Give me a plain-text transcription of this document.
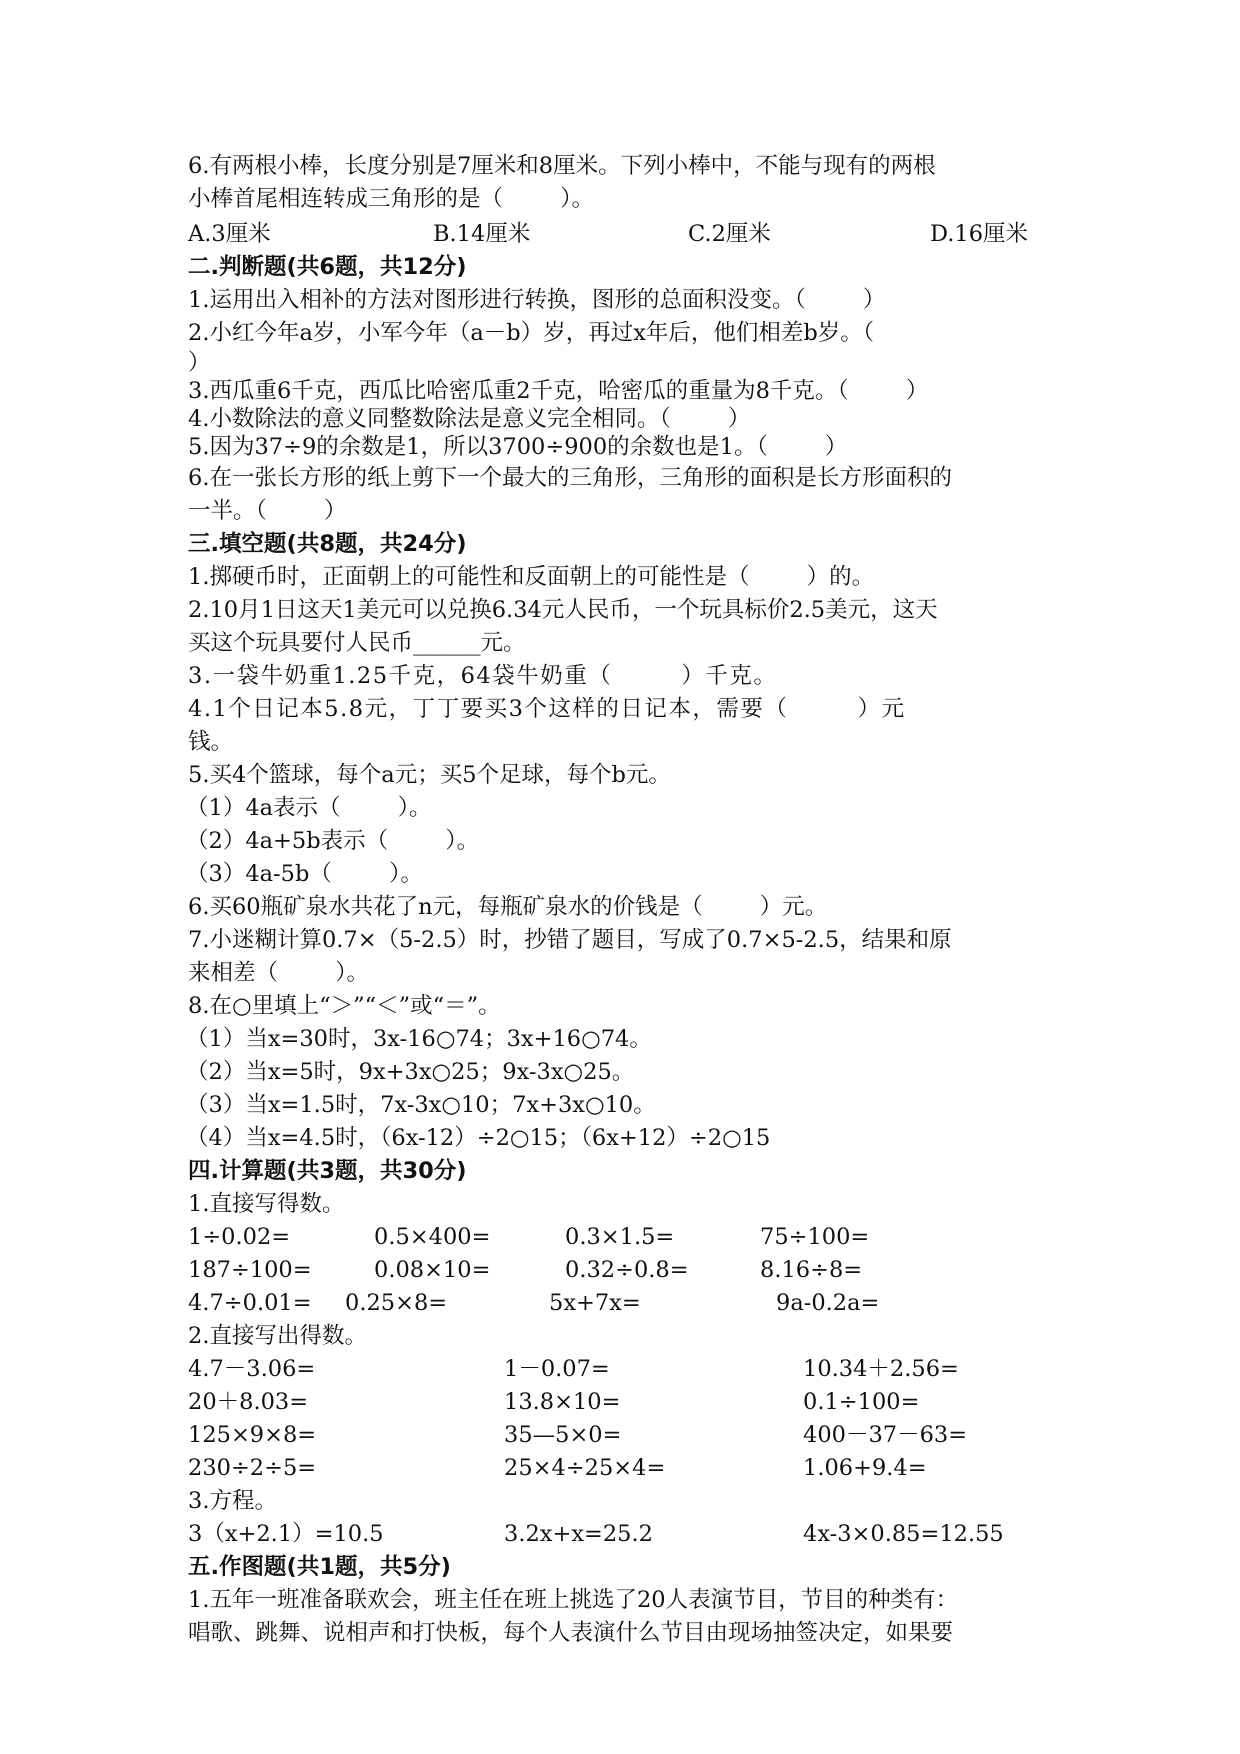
6.有两根小棒，长度分别是7厘米和8厘米。下列小棒中，不能与现有的两根
小棒首尾相连转成三角形的是（        ）。
A.3厘米	B.14厘米	C.2厘米	D.16厘米
二.判断题(共6题，共12分)
1.运用出入相补的方法对图形进行转换，图形的总面积没变。（        ）
2.小红今年a岁，小军今年（a－b）岁，再过x年后，他们相差b岁。（
）
3.西瓜重6千克，西瓜比哈密瓜重2千克，哈密瓜的重量为8千克。（        ）
4.小数除法的意义同整数除法是意义完全相同。（        ）
5.因为37÷9的余数是1，所以3700÷900的余数也是1。（        ）
6.在一张长方形的纸上剪下一个最大的三角形，三角形的面积是长方形面积的
一半。（        ）
三.填空题(共8题，共24分)
1.掷硬币时，正面朝上的可能性和反面朝上的可能性是（        ）的。
2.10月1日这天1美元可以兑换6.34元人民币，一个玩具标价2.5美元，这天
买这个玩具要付人民币______元。
3.一袋牛奶重1.25千克，64袋牛奶重（        ）千克。
4.1个日记本5.8元，丁丁要买3个这样的日记本，需要（        ）元
钱。
5.买4个篮球，每个a元；买5个足球，每个b元。
（1）4a表示（        ）。
（2）4a+5b表示（        ）。
（3）4a-5b（        ）。
6.买60瓶矿泉水共花了n元，每瓶矿泉水的价钱是（        ）元。
7.小迷糊计算0.7×（5-2.5）时，抄错了题目，写成了0.7×5-2.5，结果和原
来相差（        ）。
8.在○里填上“＞”“＜”或“＝”。
（1）当x=30时，3x-16○74；3x+16○74。
（2）当x=5时，9x+3x○25；9x-3x○25。
（3）当x=1.5时，7x-3x○10；7x+3x○10。
（4）当x=4.5时，（6x-12）÷2○15；（6x+12）÷2○15
四.计算题(共3题，共30分)
1.直接写得数。
1÷0.02=	0.5×400=	0.3×1.5=	75÷100=
187÷100=	0.08×10=	0.32÷0.8=	8.16÷8=
4.7÷0.01= 0.25×8=	5x+7x=	9a-0.2a=
2.直接写出得数。
4.7－3.06=	1－0.07=	10.34＋2.56=
20＋8.03=	13.8×10=	0.1÷100=
125×9×8=	35—5×0=	400－37－63=
230÷2÷5=	25×4÷25×4=	1.06+9.4=
3.方程。
3（x+2.1）=10.5	3.2x+x=25.2	4x-3×0.85=12.55
五.作图题(共1题，共5分)
1.五年一班准备联欢会，班主任在班上挑选了20人表演节目，节目的种类有：
唱歌、跳舞、说相声和打快板，每个人表演什么节目由现场抽签决定，如果要
